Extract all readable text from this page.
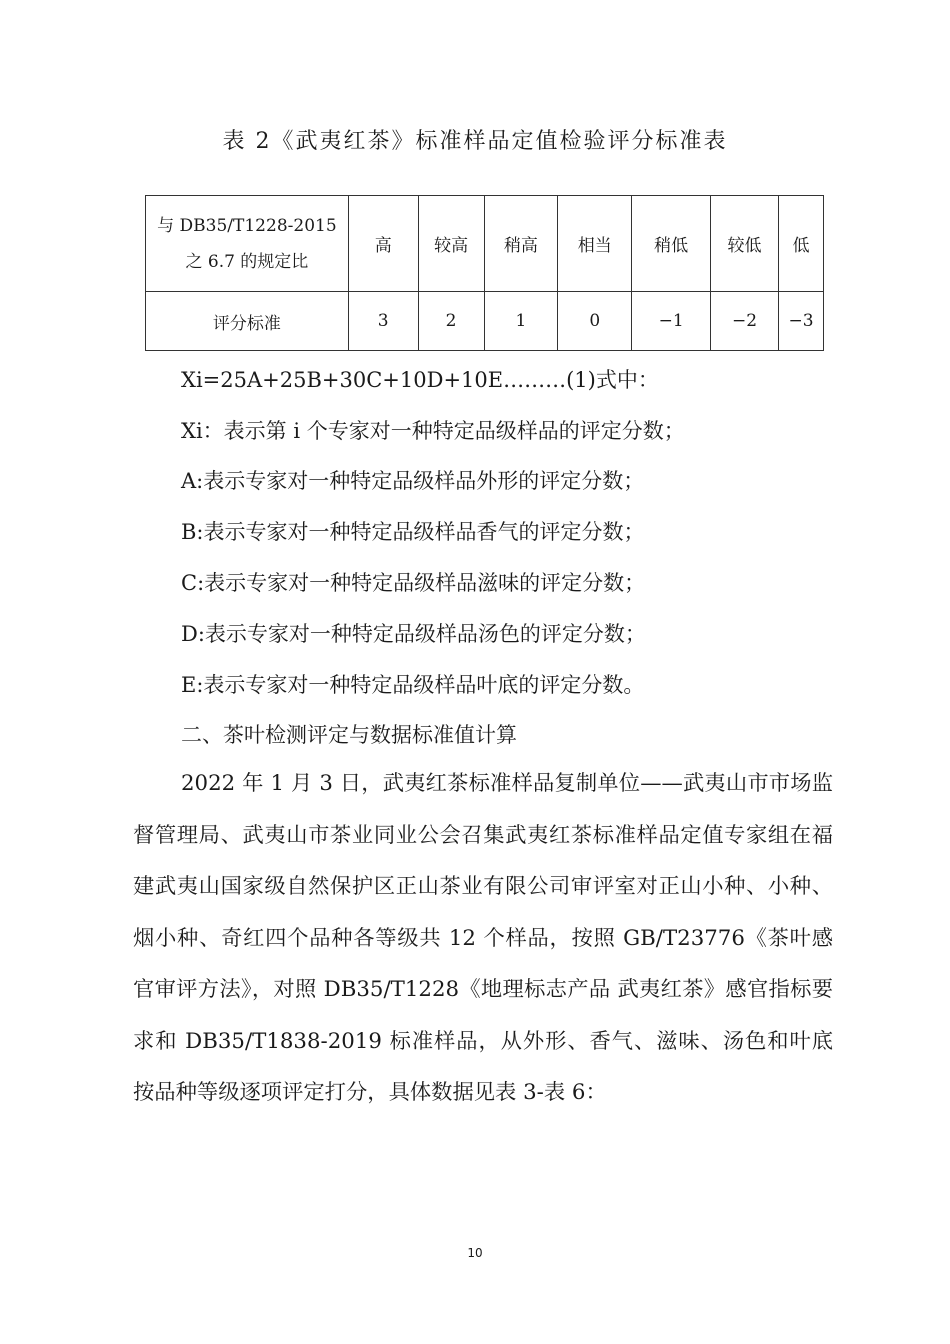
表 2《武夷红茶》标准样品定值检验评分标准表
与 DB35/T1228-2015
之 6.7 的规定比	高	较高	稍高	相当	稍低	较低	低
评分标准	3	2	1	0	−1	−2	−3
Xi=25A+25B+30C+10D+10E………(1)式中：
Xi：表示第 i 个专家对一种特定品级样品的评定分数；
A:表示专家对一种特定品级样品外形的评定分数；
B:表示专家对一种特定品级样品香气的评定分数；
C:表示专家对一种特定品级样品滋味的评定分数；
D:表示专家对一种特定品级样品汤色的评定分数；
E:表示专家对一种特定品级样品叶底的评定分数。
二、茶叶检测评定与数据标准值计算
2022 年 1 月 3 日，武夷红茶标准样品复制单位——武夷山市市场监督管理局、武夷山市茶业同业公会召集武夷红茶标准样品定值专家组在福建武夷山国家级自然保护区正山茶业有限公司审评室对正山小种、小种、烟小种、奇红四个品种各等级共 12 个样品，按照 GB/T23776《茶叶感官审评方法》，对照 DB35/T1228《地理标志产品 武夷红茶》感官指标要求和 DB35/T1838-2019 标准样品，从外形、香气、滋味、汤色和叶底按品种等级逐项评定打分，具体数据见表 3-表 6：
10
